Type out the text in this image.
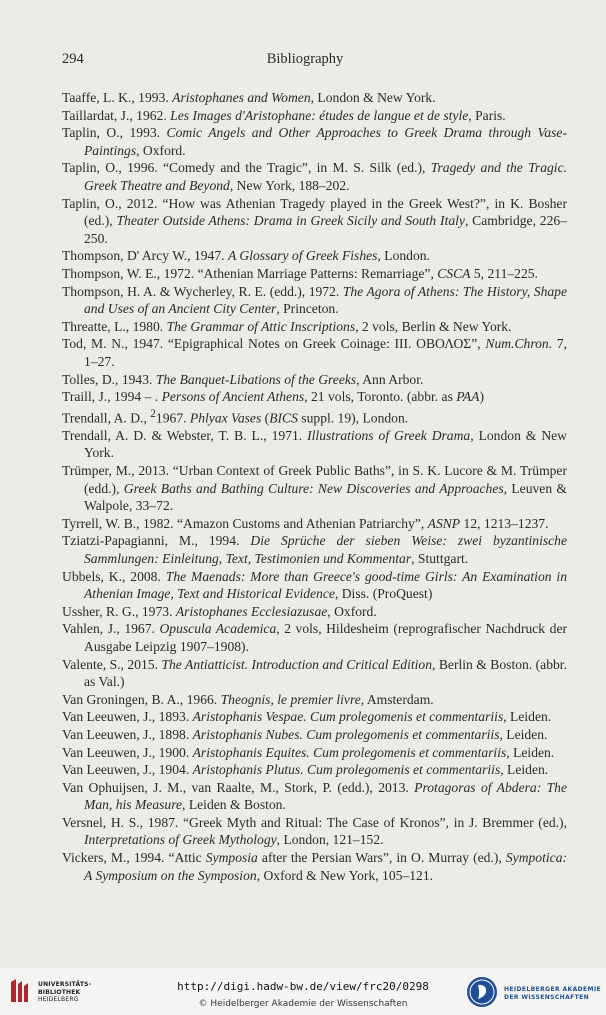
294	Bibliography
Taaffe, L. K., 1993. Aristophanes and Women, London & New York.
Taillardat, J., 1962. Les Images d'Aristophane: études de langue et de style, Paris.
Taplin, O., 1993. Comic Angels and Other Approaches to Greek Drama through Vase-Paintings, Oxford.
Taplin, O., 1996. “Comedy and the Tragic”, in M. S. Silk (ed.), Tragedy and the Tragic. Greek Theatre and Beyond, New York, 188–202.
Taplin, O., 2012. “How was Athenian Tragedy played in the Greek West?”, in K. Bosher (ed.), Theater Outside Athens: Drama in Greek Sicily and South Italy, Cambridge, 226–250.
Thompson, D' Arcy W., 1947. A Glossary of Greek Fishes, London.
Thompson, W. E., 1972. “Athenian Marriage Patterns: Remarriage”, CSCA 5, 211–225.
Thompson, H. A. & Wycherley, R. E. (edd.), 1972. The Agora of Athens: The History, Shape and Uses of an Ancient City Center, Princeton.
Threatte, L., 1980. The Grammar of Attic Inscriptions, 2 vols, Berlin & New York.
Tod, M. N., 1947. “Epigraphical Notes on Greek Coinage: III. ΟΒΟΛΟΣ”, Num.Chron. 7, 1–27.
Tolles, D., 1943. The Banquet-Libations of the Greeks, Ann Arbor.
Traill, J., 1994 – . Persons of Ancient Athens, 21 vols, Toronto. (abbr. as PAA)
Trendall, A. D., $^2$1967. Phlyax Vases (BICS suppl. 19), London.
Trendall, A. D. & Webster, T. B. L., 1971. Illustrations of Greek Drama, London & New York.
Trümper, M., 2013. “Urban Context of Greek Public Baths”, in S. K. Lucore & M. Trümper (edd.), Greek Baths and Bathing Culture: New Discoveries and Approaches, Leuven & Walpole, 33–72.
Tyrrell, W. B., 1982. “Amazon Customs and Athenian Patriarchy”, ASNP 12, 1213–1237.
Tziatzi-Papagianni, M., 1994. Die Sprüche der sieben Weise: zwei byzantinische Sammlungen: Einleitung, Text, Testimonien und Kommentar, Stuttgart.
Ubbels, K., 2008. The Maenads: More than Greece's good-time Girls: An Examination in Athenian Image, Text and Historical Evidence, Diss. (ProQuest)
Ussher, R. G., 1973. Aristophanes Ecclesiazusae, Oxford.
Vahlen, J., 1967. Opuscula Academica, 2 vols, Hildesheim (reprografischer Nachdruck der Ausgabe Leipzig 1907–1908).
Valente, S., 2015. The Antiatticist. Introduction and Critical Edition, Berlin & Boston. (abbr. as Val.)
Van Groningen, B. A., 1966. Theognis, le premier livre, Amsterdam.
Van Leeuwen, J., 1893. Aristophanis Vespae. Cum prolegomenis et commentariis, Leiden.
Van Leeuwen, J., 1898. Aristophanis Nubes. Cum prolegomenis et commentariis, Leiden.
Van Leeuwen, J., 1900. Aristophanis Equites. Cum prolegomenis et commentariis, Leiden.
Van Leeuwen, J., 1904. Aristophanis Plutus. Cum prolegomenis et commentariis, Leiden.
Van Ophuijsen, J. M., van Raalte, M., Stork, P. (edd.), 2013. Protagoras of Abdera: The Man, his Measure, Leiden & Boston.
Versnel, H. S., 1987. “Greek Myth and Ritual: The Case of Kronos”, in J. Bremmer (ed.), Interpretations of Greek Mythology, London, 121–152.
Vickers, M., 1994. “Attic Symposia after the Persian Wars”, in O. Murray (ed.), Sympotica: A Symposium on the Symposion, Oxford & New York, 105–121.
UNIVERSITÄTS-
BIBLIOTHEK
HEIDELBERG
http://digi.hadw-bw.de/view/frc20/0298
© Heidelberger Akademie der Wissenschaften
HEIDELBERGER AKADEMIE
DER WISSENSCHAFTEN
